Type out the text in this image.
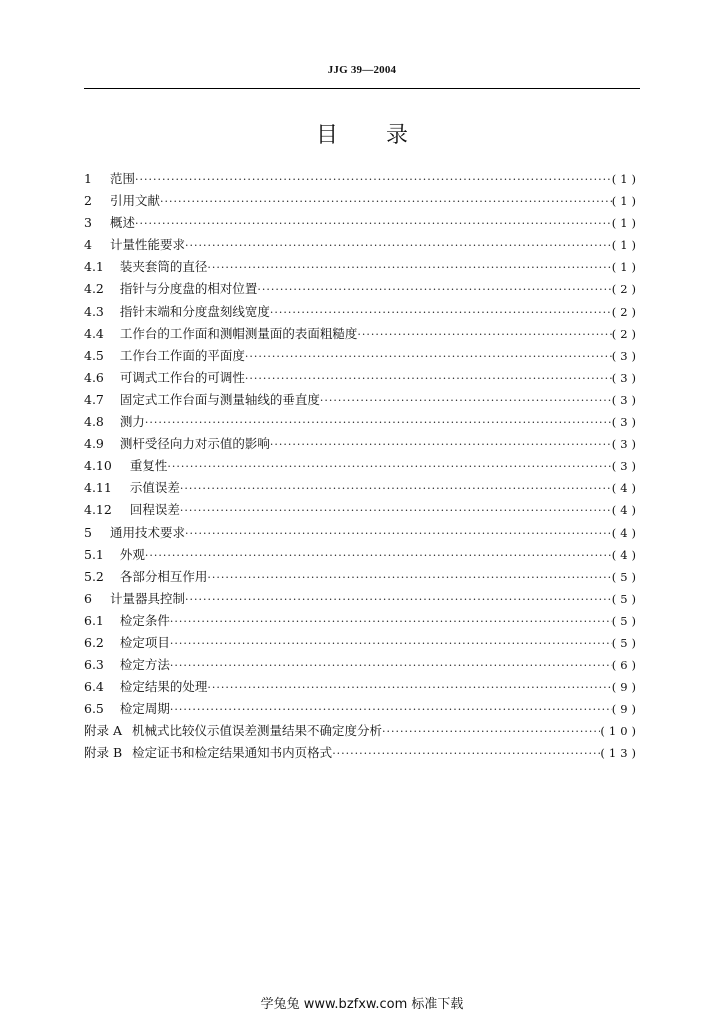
JJG 39—2004
目录
1 范围 ·····	(1)
2 引用文献 ·····	(1)
3 概述 ·····	(1)
4 计量性能要求 ·····	(1)
4.1 装夹套筒的直径 ·····	(1)
4.2 指针与分度盘的相对位置 ·····	(2)
4.3 指针末端和分度盘刻线宽度 ·····	(2)
4.4 工作台的工作面和测帽测量面的表面粗糙度 ·····	(2)
4.5 工作台工作面的平面度 ·····	(3)
4.6 可调式工作台的可调性 ·····	(3)
4.7 固定式工作台面与测量轴线的垂直度 ·····	(3)
4.8 测力 ·····	(3)
4.9 测杆受径向力对示值的影响 ·····	(3)
4.10 重复性 ·····	(3)
4.11 示值误差 ·····	(4)
4.12 回程误差 ·····	(4)
5 通用技术要求 ·····	(4)
5.1 外观 ·····	(4)
5.2 各部分相互作用 ·····	(5)
6 计量器具控制 ·····	(5)
6.1 检定条件 ·····	(5)
6.2 检定项目 ·····	(5)
6.3 检定方法 ·····	(6)
6.4 检定结果的处理 ·····	(9)
6.5 检定周期 ·····	(9)
附录 A 机械式比较仪示值误差测量结果不确定度分析 ·····	(10)
附录 B 检定证书和检定结果通知书内页格式 ·····	(13)
学兔兔 www.bzfxw.com 标准下载
